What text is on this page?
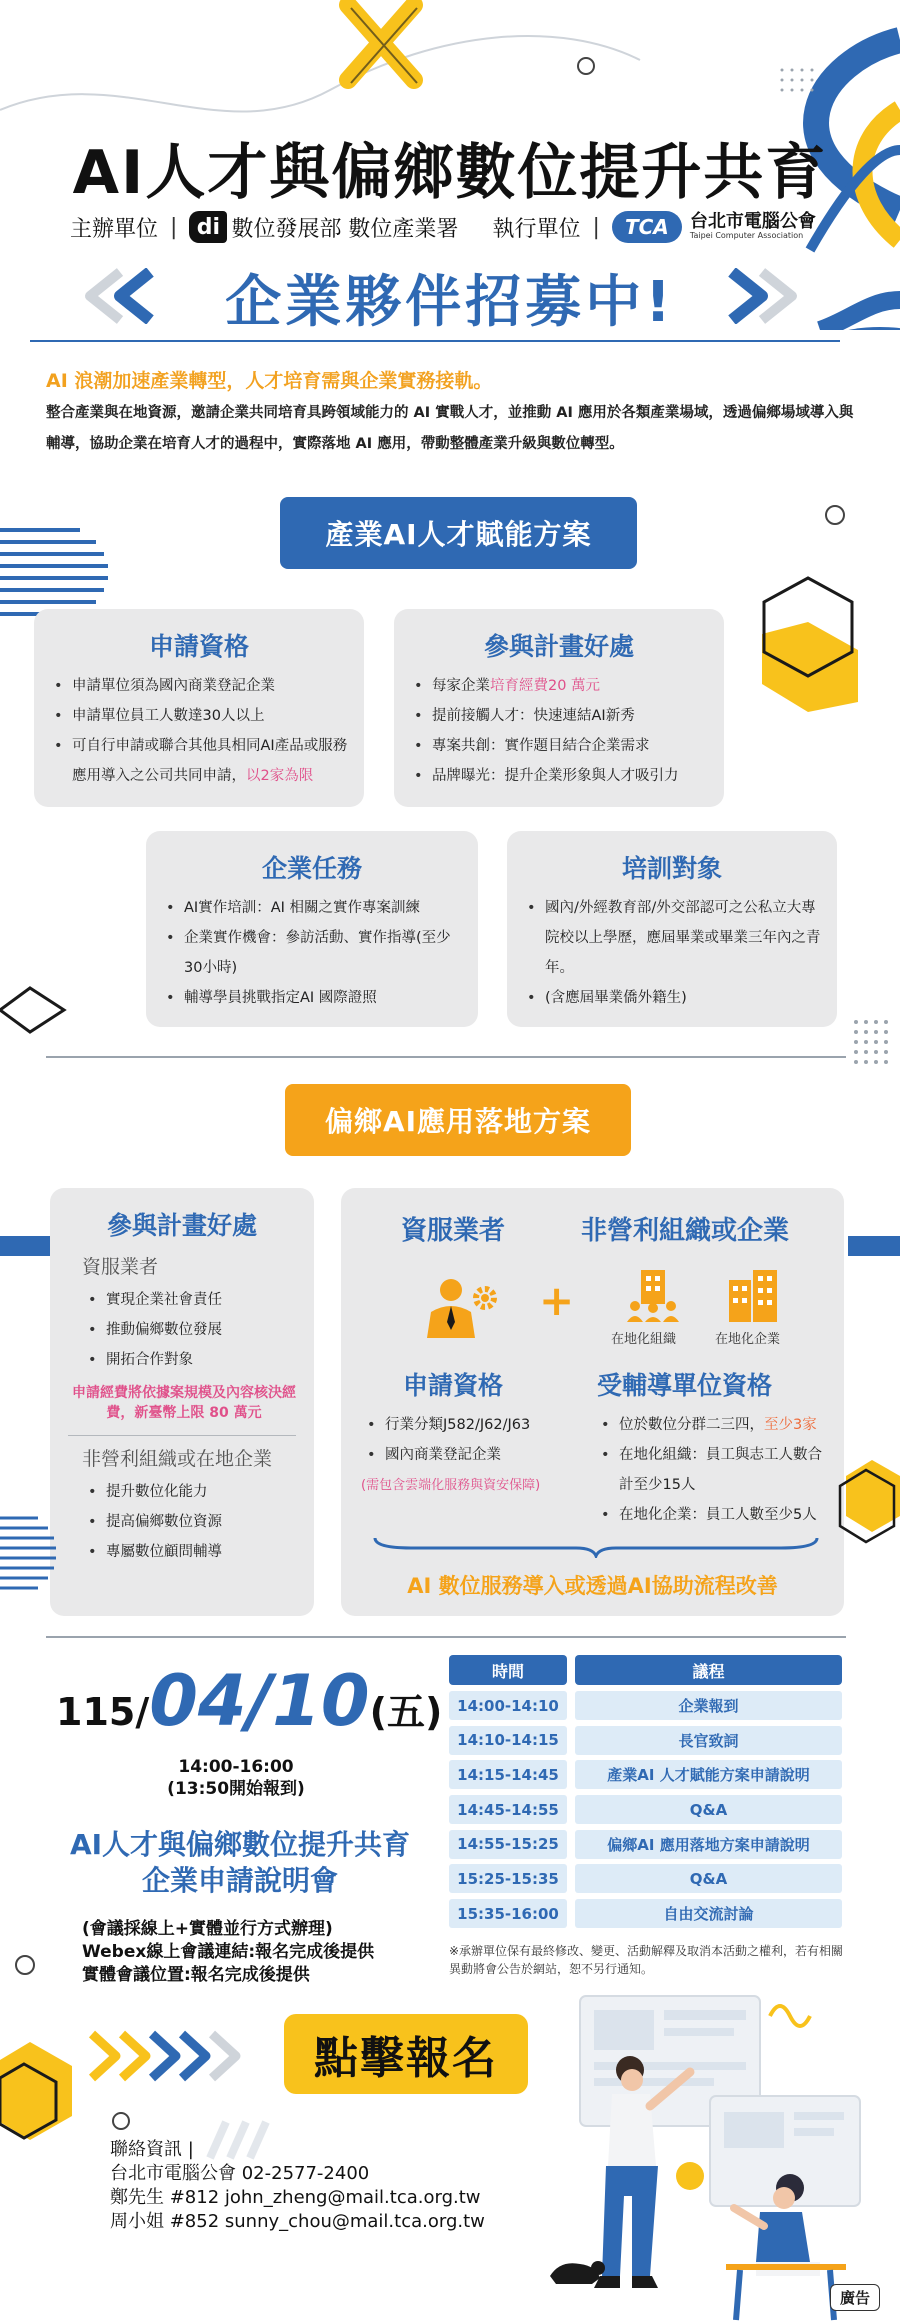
AI人才與偏鄉數位提升共育
主辦單位 | di 數位發展部 數位產業署 執行單位 |	TCA	台北市電腦公會
Taipei Computer Association
企業夥伴招募中!
AI 浪潮加速產業轉型，人才培育需與企業實務接軌。
整合產業與在地資源，邀請企業共同培育具跨領域能力的 AI 實戰人才，並推動 AI 應用於各類產業場域，透過偏鄉場域導入與輔導，協助企業在培育人才的過程中，實際落地 AI 應用，帶動整體產業升級與數位轉型。
產業AI人才賦能方案
申請資格
• 申請單位須為國內商業登記企業
• 申請單位員工人數達30人以上
• 可自行申請或聯合其他具相同AI產品或服務應用導入之公司共同申請，以2家為限
參與計畫好處
• 每家企業培育經費20 萬元
• 提前接觸人才：快速連結AI新秀
• 專案共創：實作題目結合企業需求
• 品牌曝光：提升企業形象與人才吸引力
企業任務
• AI實作培訓：AI 相關之實作專案訓練
• 企業實作機會：參訪活動、實作指導(至少30小時)
• 輔導學員挑戰指定AI 國際證照
培訓對象
• 國內/外經教育部/外交部認可之公私立大專院校以上學歷，應屆畢業或畢業三年內之青年。
• (含應屆畢業僑外籍生)
偏鄉AI應用落地方案
參與計畫好處
資服業者
• 實現企業社會責任
• 推動偏鄉數位發展
• 開拓合作對象
申請經費將依據案規模及內容核決經費，新臺幣上限 80 萬元
非營利組織或在地企業
• 提升數位化能力
• 提高偏鄉數位資源
• 專屬數位顧問輔導
資服業者	非營利組織或企業
+
在地化組織	在地化企業
申請資格	受輔導單位資格
• 行業分類J582/J62/J63
• 國內商業登記企業
(需包含雲端化服務與資安保障)
• 位於數位分群二三四，至少3家
• 在地化組織：員工與志工人數合計至少15人
• 在地化企業：員工人數至少5人
AI 數位服務導入或透過AI協助流程改善
115/04/10(五)
14:00-16:00
(13:50開始報到)
AI人才與偏鄉數位提升共育
企業申請說明會
(會議採線上+實體並行方式辦理)
Webex線上會議連結:報名完成後提供
實體會議位置:報名完成後提供
時間	議程
14:00-14:10	企業報到
14:10-14:15	長官致詞
14:15-14:45	產業AI 人才賦能方案申請說明
14:45-14:55	Q&A
14:55-15:25	偏鄉AI 應用落地方案申請說明
15:25-15:35	Q&A
15:35-16:00	自由交流討論
※承辦單位保有最終修改、變更、活動解釋及取消本活動之權利，若有相關異動將會公告於網站，恕不另行通知。
點擊報名
聯絡資訊 |
台北市電腦公會 02-2577-2400
鄭先生 #812 john_zheng@mail.tca.org.tw
周小姐 #852 sunny_chou@mail.tca.org.tw
廣告
